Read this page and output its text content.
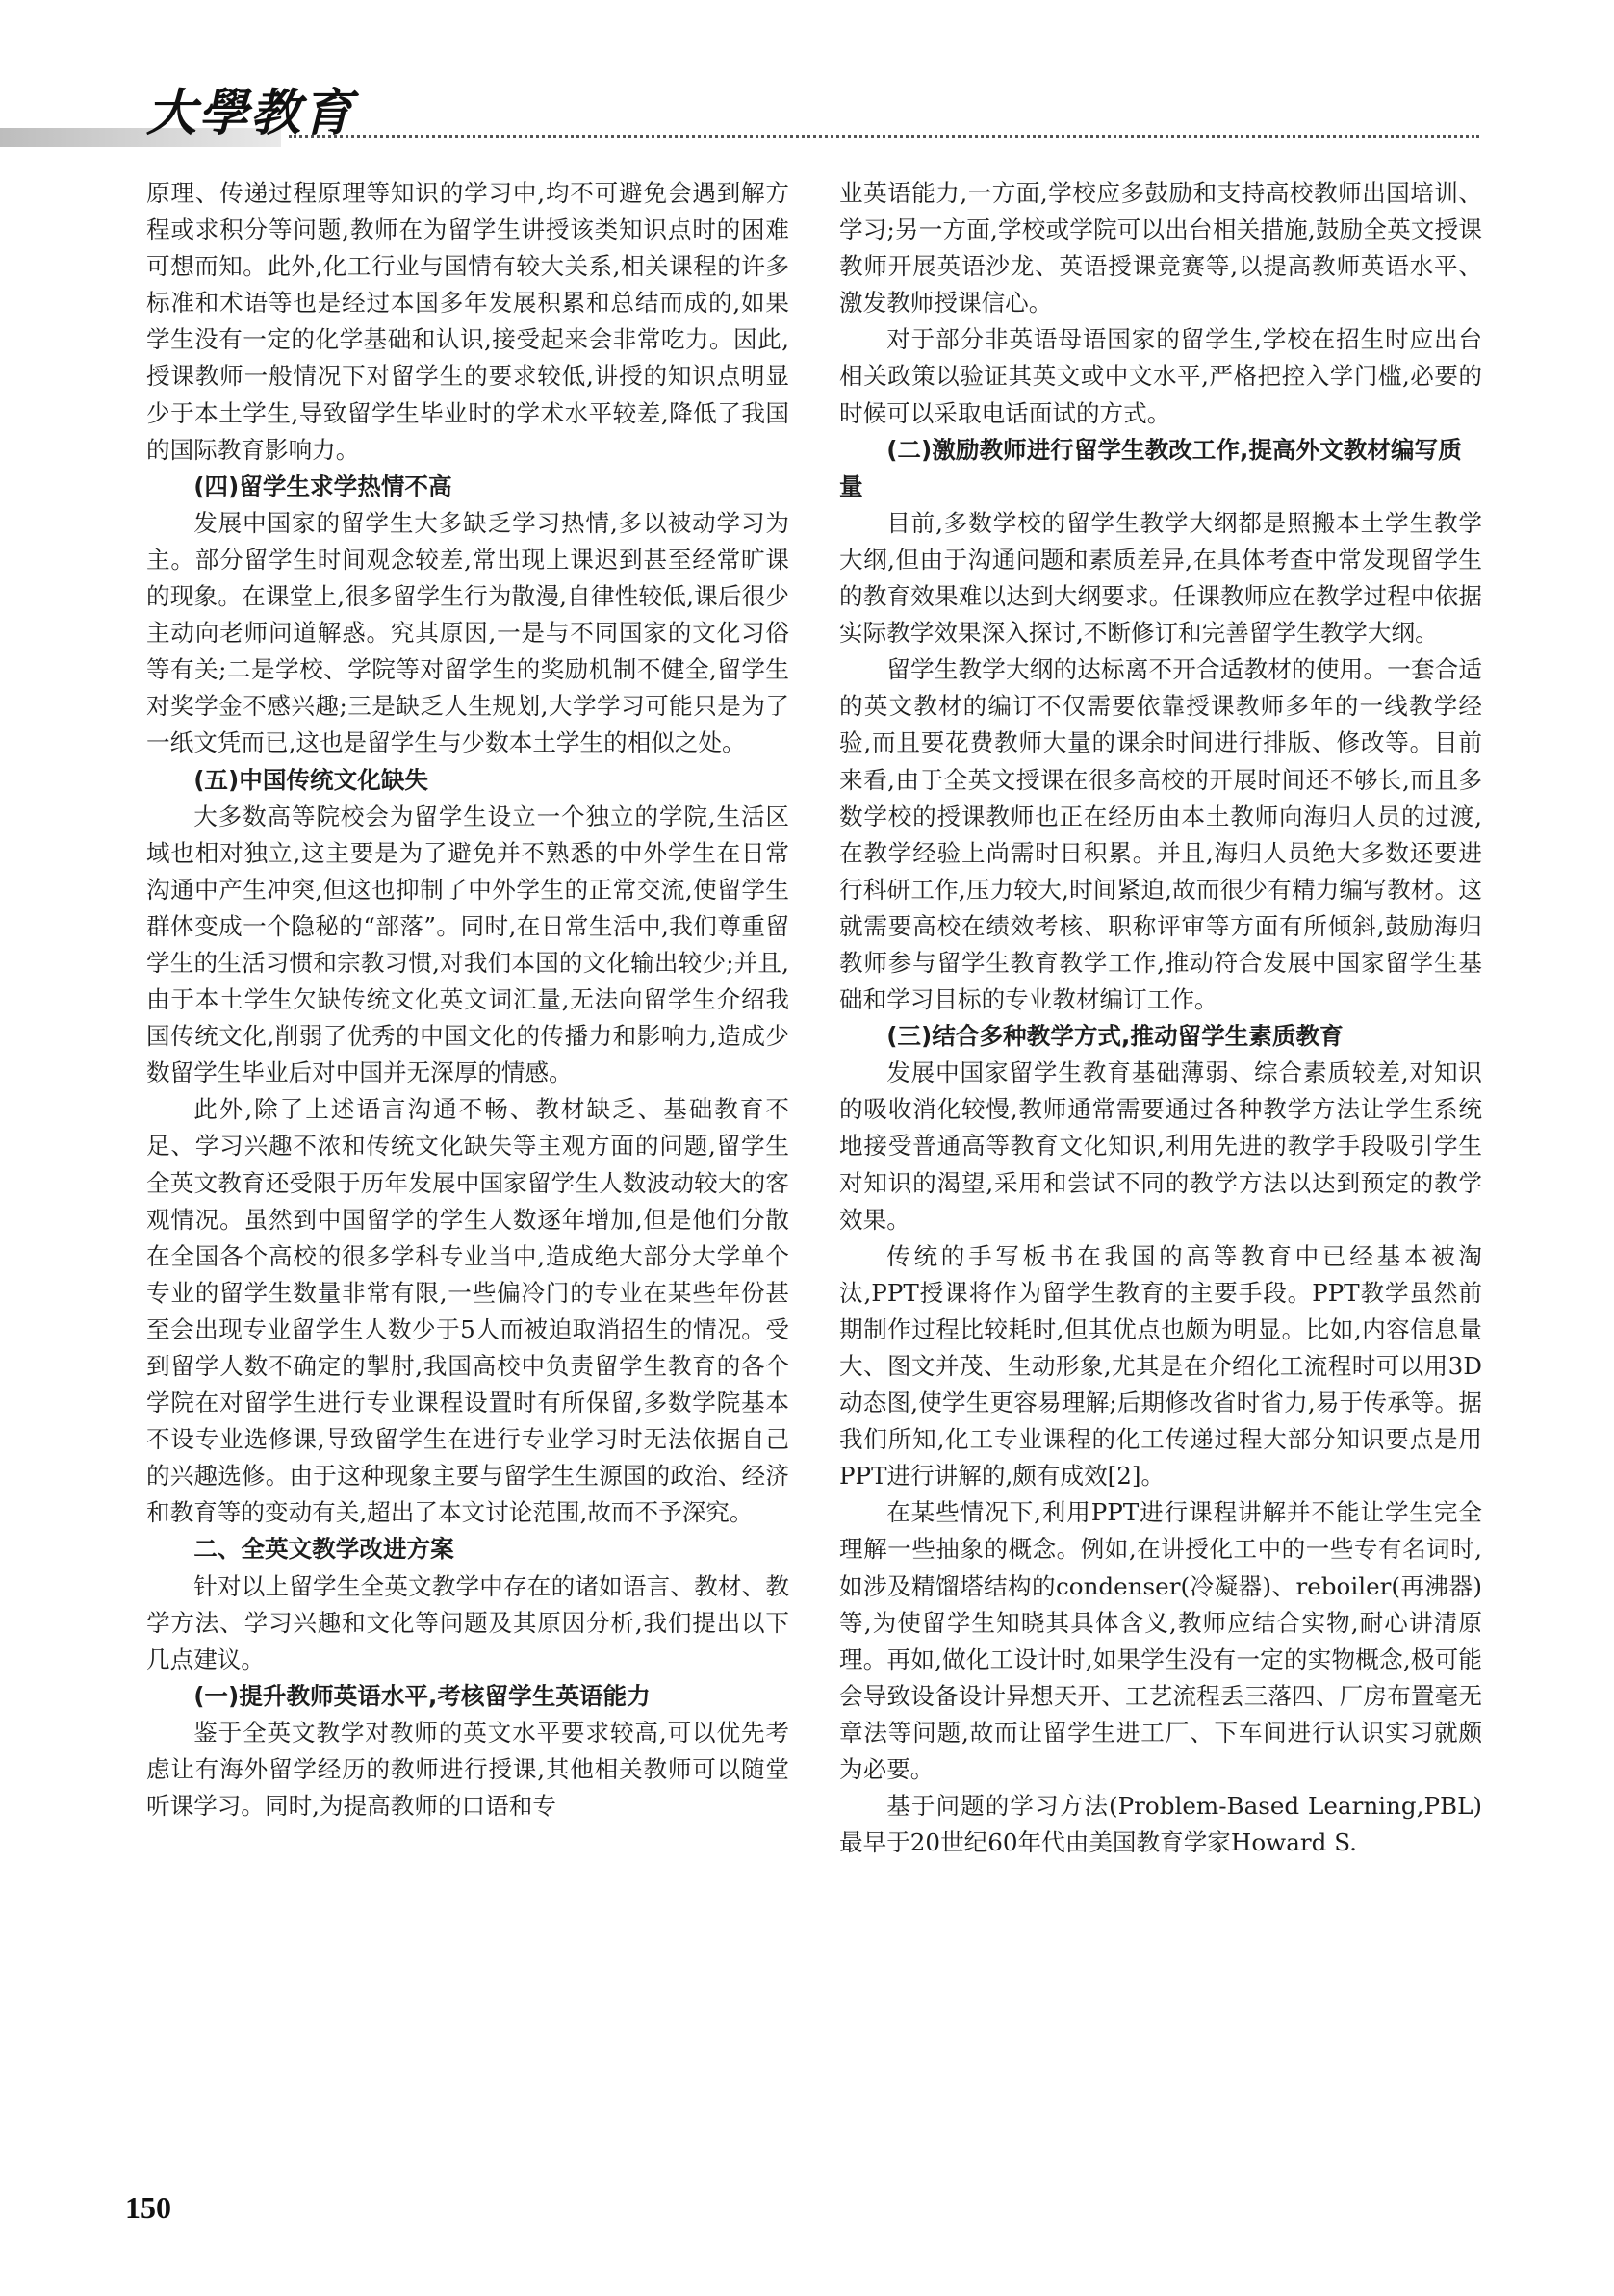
大學教育

原理、传递过程原理等知识的学习中,均不可避免会遇到解方程或求积分等问题,教师在为留学生讲授该类知识点时的困难可想而知。此外,化工行业与国情有较大关系,相关课程的许多标准和术语等也是经过本国多年发展积累和总结而成的,如果学生没有一定的化学基础和认识,接受起来会非常吃力。因此,授课教师一般情况下对留学生的要求较低,讲授的知识点明显少于本土学生,导致留学生毕业时的学术水平较差,降低了我国的国际教育影响力。

(四)留学生求学热情不高

发展中国家的留学生大多缺乏学习热情,多以被动学习为主。部分留学生时间观念较差,常出现上课迟到甚至经常旷课的现象。在课堂上,很多留学生行为散漫,自律性较低,课后很少主动向老师问道解惑。究其原因,一是与不同国家的文化习俗等有关;二是学校、学院等对留学生的奖励机制不健全,留学生对奖学金不感兴趣;三是缺乏人生规划,大学学习可能只是为了一纸文凭而已,这也是留学生与少数本土学生的相似之处。

(五)中国传统文化缺失

大多数高等院校会为留学生设立一个独立的学院,生活区域也相对独立,这主要是为了避免并不熟悉的中外学生在日常沟通中产生冲突,但这也抑制了中外学生的正常交流,使留学生群体变成一个隐秘的“部落”。同时,在日常生活中,我们尊重留学生的生活习惯和宗教习惯,对我们本国的文化输出较少;并且,由于本土学生欠缺传统文化英文词汇量,无法向留学生介绍我国传统文化,削弱了优秀的中国文化的传播力和影响力,造成少数留学生毕业后对中国并无深厚的情感。

此外,除了上述语言沟通不畅、教材缺乏、基础教育不足、学习兴趣不浓和传统文化缺失等主观方面的问题,留学生全英文教育还受限于历年发展中国家留学生人数波动较大的客观情况。虽然到中国留学的学生人数逐年增加,但是他们分散在全国各个高校的很多学科专业当中,造成绝大部分大学单个专业的留学生数量非常有限,一些偏冷门的专业在某些年份甚至会出现专业留学生人数少于5人而被迫取消招生的情况。受到留学人数不确定的掣肘,我国高校中负责留学生教育的各个学院在对留学生进行专业课程设置时有所保留,多数学院基本不设专业选修课,导致留学生在进行专业学习时无法依据自己的兴趣选修。由于这种现象主要与留学生生源国的政治、经济和教育等的变动有关,超出了本文讨论范围,故而不予深究。

二、全英文教学改进方案

针对以上留学生全英文教学中存在的诸如语言、教材、教学方法、学习兴趣和文化等问题及其原因分析,我们提出以下几点建议。

(一)提升教师英语水平,考核留学生英语能力

鉴于全英文教学对教师的英文水平要求较高,可以优先考虑让有海外留学经历的教师进行授课,其他相关教师可以随堂听课学习。同时,为提高教师的口语和专

业英语能力,一方面,学校应多鼓励和支持高校教师出国培训、学习;另一方面,学校或学院可以出台相关措施,鼓励全英文授课教师开展英语沙龙、英语授课竞赛等,以提高教师英语水平、激发教师授课信心。

对于部分非英语母语国家的留学生,学校在招生时应出台相关政策以验证其英文或中文水平,严格把控入学门槛,必要的时候可以采取电话面试的方式。

(二)激励教师进行留学生教改工作,提高外文教材编写质量

目前,多数学校的留学生教学大纲都是照搬本土学生教学大纲,但由于沟通问题和素质差异,在具体考查中常发现留学生的教育效果难以达到大纲要求。任课教师应在教学过程中依据实际教学效果深入探讨,不断修订和完善留学生教学大纲。

留学生教学大纲的达标离不开合适教材的使用。一套合适的英文教材的编订不仅需要依靠授课教师多年的一线教学经验,而且要花费教师大量的课余时间进行排版、修改等。目前来看,由于全英文授课在很多高校的开展时间还不够长,而且多数学校的授课教师也正在经历由本土教师向海归人员的过渡,在教学经验上尚需时日积累。并且,海归人员绝大多数还要进行科研工作,压力较大,时间紧迫,故而很少有精力编写教材。这就需要高校在绩效考核、职称评审等方面有所倾斜,鼓励海归教师参与留学生教育教学工作,推动符合发展中国家留学生基础和学习目标的专业教材编订工作。

(三)结合多种教学方式,推动留学生素质教育

发展中国家留学生教育基础薄弱、综合素质较差,对知识的吸收消化较慢,教师通常需要通过各种教学方法让学生系统地接受普通高等教育文化知识,利用先进的教学手段吸引学生对知识的渴望,采用和尝试不同的教学方法以达到预定的教学效果。

传统的手写板书在我国的高等教育中已经基本被淘汰,PPT授课将作为留学生教育的主要手段。PPT教学虽然前期制作过程比较耗时,但其优点也颇为明显。比如,内容信息量大、图文并茂、生动形象,尤其是在介绍化工流程时可以用3D动态图,使学生更容易理解;后期修改省时省力,易于传承等。据我们所知,化工专业课程的化工传递过程大部分知识要点是用PPT进行讲解的,颇有成效[2]。

在某些情况下,利用PPT进行课程讲解并不能让学生完全理解一些抽象的概念。例如,在讲授化工中的一些专有名词时,如涉及精馏塔结构的condenser(冷凝器)、reboiler(再沸器)等,为使留学生知晓其具体含义,教师应结合实物,耐心讲清原理。再如,做化工设计时,如果学生没有一定的实物概念,极可能会导致设备设计异想天开、工艺流程丢三落四、厂房布置毫无章法等问题,故而让留学生进工厂、下车间进行认识实习就颇为必要。

基于问题的学习方法(Problem-Based Learning,PBL)最早于20世纪60年代由美国教育学家Howard S.

150
